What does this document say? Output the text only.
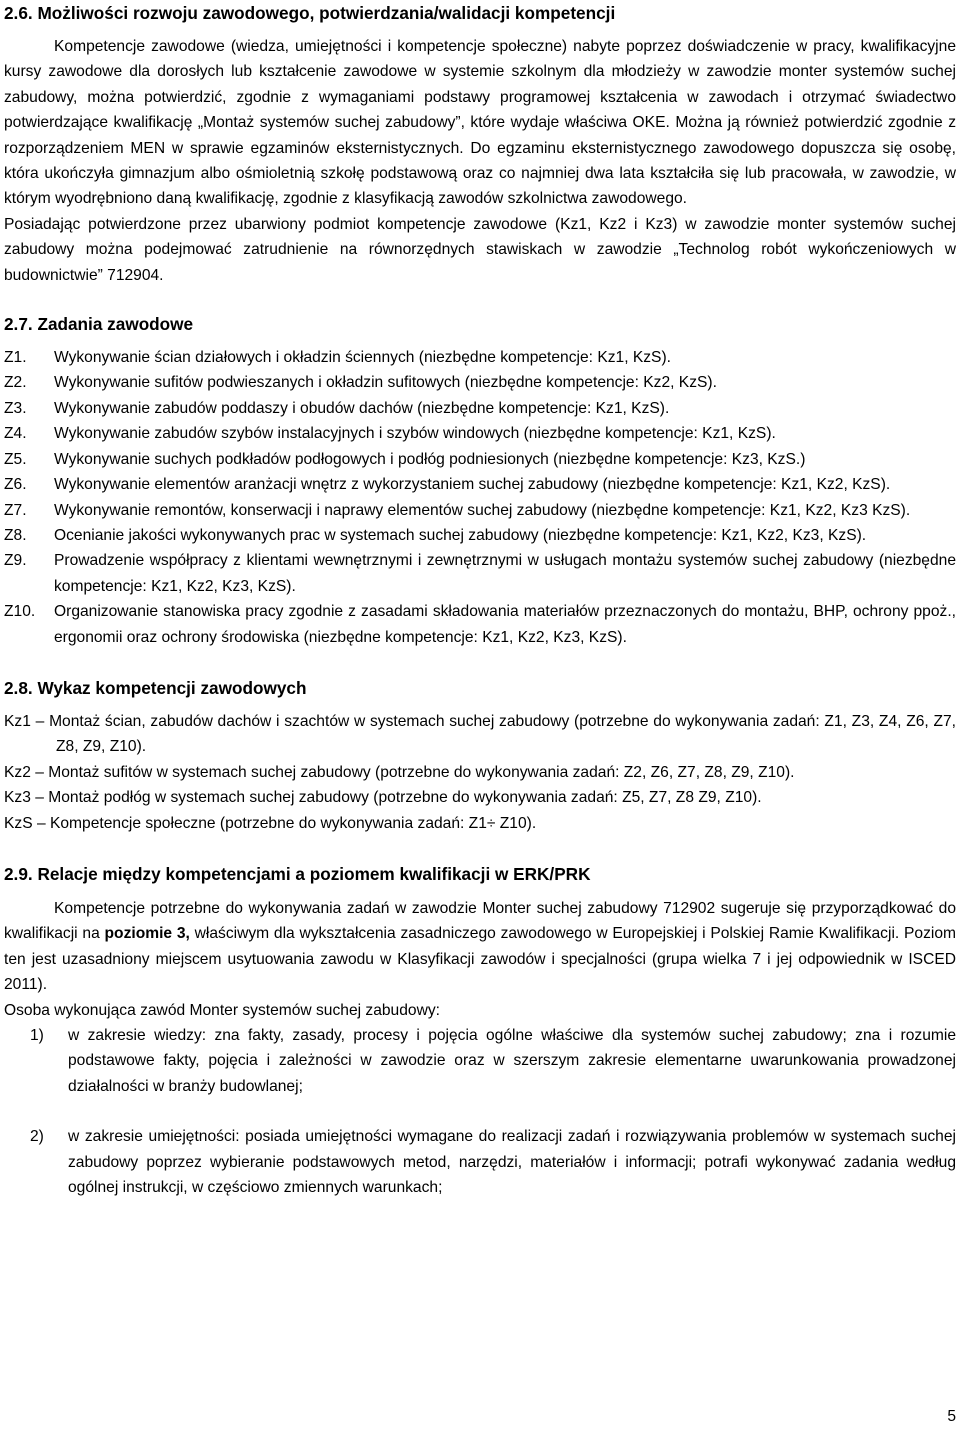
2.6. Możliwości rozwoju zawodowego, potwierdzania/walidacji kompetencji

Kompetencje zawodowe (wiedza, umiejętności i kompetencje społeczne) nabyte poprzez doświadczenie w pracy, kwalifikacyjne kursy zawodowe dla dorosłych lub kształcenie zawodowe w systemie szkolnym dla młodzieży w zawodzie monter systemów suchej zabudowy, można potwierdzić, zgodnie z wymaganiami podstawy programowej kształcenia w zawodach i otrzymać świadectwo potwierdzające kwalifikację „Montaż systemów suchej zabudowy”, które wydaje właściwa OKE. Można ją również potwierdzić zgodnie z rozporządzeniem MEN w sprawie egzaminów eksternistycznych. Do egzaminu eksternistycznego zawodowego dopuszcza się osobę, która ukończyła gimnazjum albo ośmioletnią szkołę podstawową oraz co najmniej dwa lata kształciła się lub pracowała, w zawodzie, w którym wyodrębniono daną kwalifikację, zgodnie z klasyfikacją zawodów szkolnictwa zawodowego.

Posiadając potwierdzone przez ubarwiony podmiot kompetencje zawodowe (Kz1, Kz2 i Kz3) w zawodzie monter systemów suchej zabudowy można podejmować zatrudnienie na równorzędnych stawiskach w zawodzie „Technolog robót wykończeniowych w budownictwie” 712904.

2.7. Zadania zawodowe
Z1.	Wykonywanie ścian działowych i okładzin ściennych (niezbędne kompetencje: Kz1, KzS).
Z2.	Wykonywanie sufitów podwieszanych i okładzin sufitowych (niezbędne kompetencje: Kz2, KzS).
Z3.	Wykonywanie zabudów poddaszy i obudów dachów (niezbędne kompetencje: Kz1, KzS).
Z4.	Wykonywanie zabudów szybów instalacyjnych i szybów windowych (niezbędne kompetencje: Kz1, KzS).
Z5.	Wykonywanie suchych podkładów podłogowych i podłóg podniesionych (niezbędne kompetencje: Kz3, KzS.)
Z6.	Wykonywanie elementów aranżacji wnętrz z wykorzystaniem suchej zabudowy (niezbędne kompetencje: Kz1, Kz2, KzS).
Z7.	Wykonywanie remontów, konserwacji i naprawy elementów suchej zabudowy (niezbędne kompetencje: Kz1, Kz2, Kz3 KzS).
Z8.	Ocenianie jakości wykonywanych prac w systemach suchej zabudowy (niezbędne kompetencje: Kz1, Kz2, Kz3, KzS).
Z9.	Prowadzenie współpracy z klientami wewnętrznymi i zewnętrznymi w usługach montażu systemów suchej zabudowy (niezbędne kompetencje: Kz1, Kz2, Kz3, KzS).
Z10.	Organizowanie stanowiska pracy zgodnie z zasadami składowania materiałów przeznaczonych do montażu, BHP, ochrony ppoż., ergonomii oraz ochrony środowiska (niezbędne kompetencje: Kz1, Kz2, Kz3, KzS).
2.8. Wykaz kompetencji zawodowych
Kz1 – Montaż ścian, zabudów dachów i szachtów w systemach suchej zabudowy (potrzebne do wykonywania zadań: Z1, Z3, Z4, Z6, Z7, Z8, Z9, Z10).
Kz2 – Montaż sufitów w systemach suchej zabudowy (potrzebne do wykonywania zadań: Z2, Z6, Z7, Z8, Z9, Z10).
Kz3 – Montaż podłóg w systemach suchej zabudowy (potrzebne do wykonywania zadań: Z5, Z7, Z8 Z9, Z10).
KzS – Kompetencje społeczne (potrzebne do wykonywania zadań: Z1÷ Z10).
2.9. Relacje między kompetencjami a poziomem kwalifikacji w ERK/PRK

Kompetencje potrzebne do wykonywania zadań w zawodzie Monter suchej zabudowy 712902 sugeruje się przyporządkować do kwalifikacji na poziomie 3, właściwym dla wykształcenia zasadniczego zawodowego w Europejskiej i Polskiej Ramie Kwalifikacji. Poziom ten jest uzasadniony miejscem usytuowania zawodu w Klasyfikacji zawodów i specjalności (grupa wielka 7 i jej odpowiednik w ISCED 2011).

Osoba wykonująca zawód Monter systemów suchej zabudowy:

1)	w zakresie wiedzy: zna fakty, zasady, procesy i pojęcia ogólne właściwe dla systemów suchej zabudowy; zna i rozumie podstawowe fakty, pojęcia i zależności w zawodzie oraz w szerszym zakresie elementarne uwarunkowania prowadzonej działalności w branży budowlanej;
2)	w zakresie umiejętności: posiada umiejętności wymagane do realizacji zadań i rozwiązywania problemów w systemach suchej zabudowy poprzez wybieranie podstawowych metod, narzędzi, materiałów i informacji; potrafi wykonywać zadania według ogólnej instrukcji, w częściowo zmiennych warunkach;
5
